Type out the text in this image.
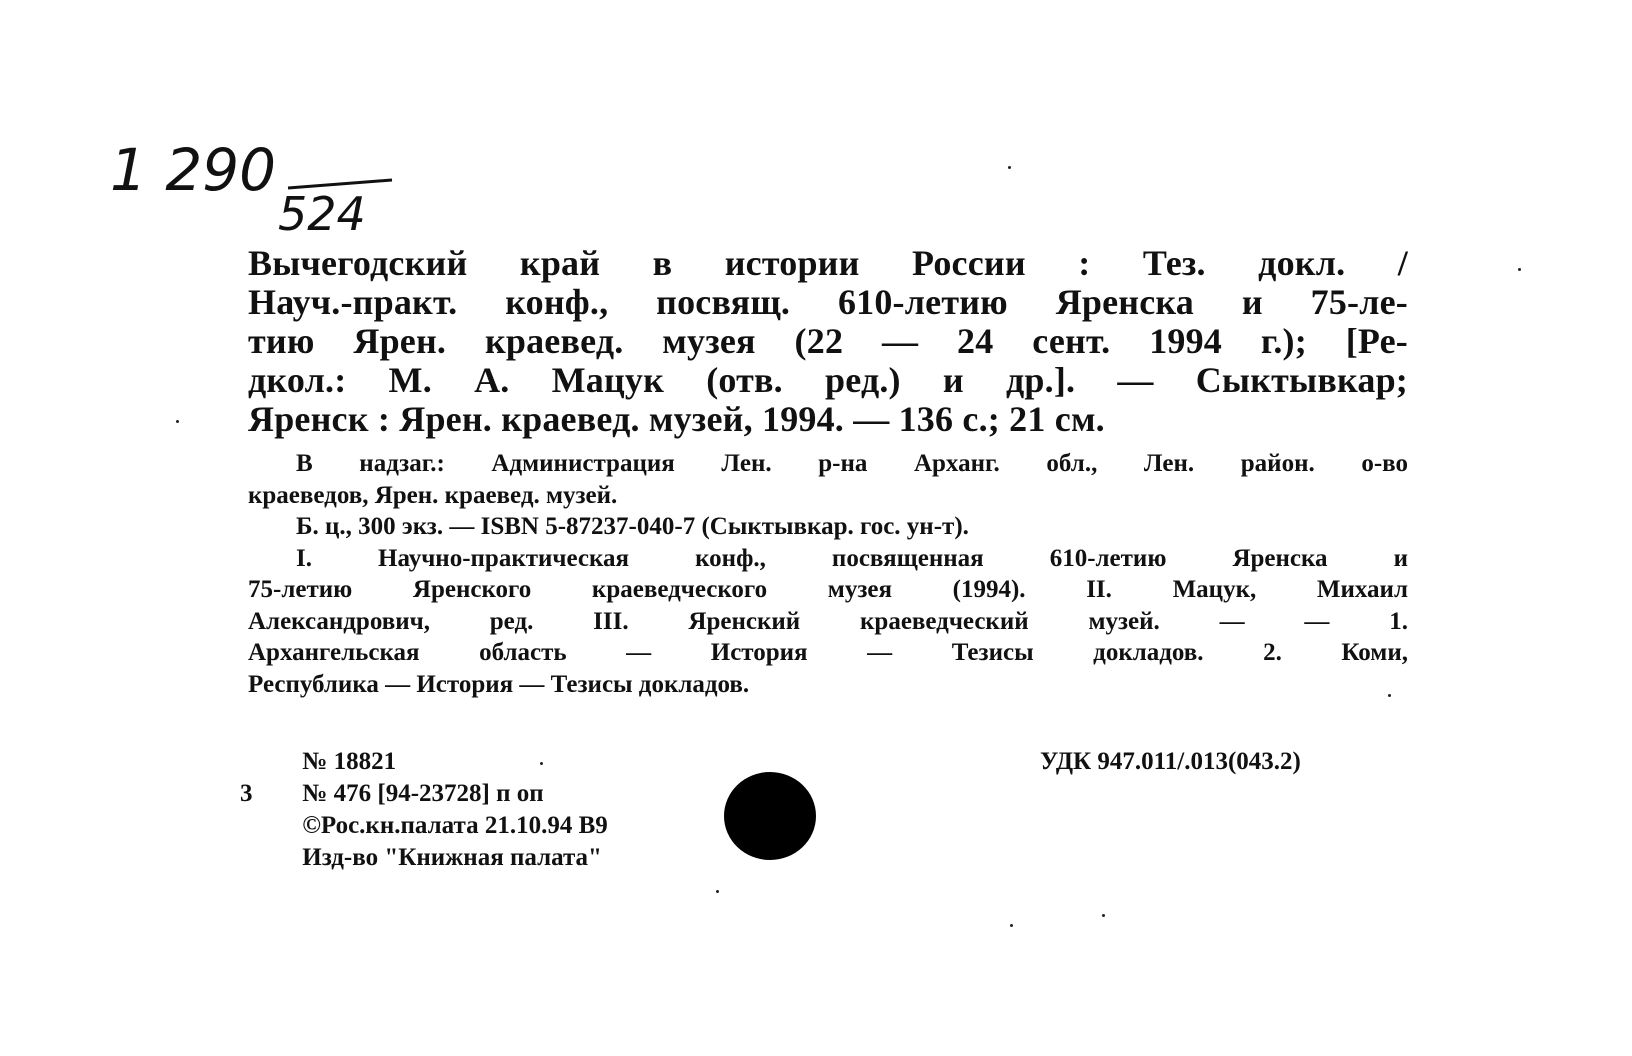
1 290
524
Вычегодский край в истории России : Тез. докл. /
Науч.-практ. конф., посвящ. 610-летию Яренска и 75-ле-
тию Ярен. краевед. музея (22 — 24 сент. 1994 г.); [Ре-
дкол.: М. А. Мацук (отв. ред.) и др.]. — Сыктывкар;
Яренск : Ярен. краевед. музей, 1994. — 136 с.; 21 см.
В надзаг.: Администрация Лен. р-на Арханг. обл., Лен. район. о-во
краеведов, Ярен. краевед. музей.
Б. ц., 300 экз. — ISBN 5-87237-040-7 (Сыктывкар. гос. ун-т).
I. Научно-практическая конф., посвященная 610-летию Яренска и
75-летию Яренского краеведческого музея (1994). II. Мацук, Михаил
Александрович, ред. III. Яренский краеведческий музей. — — 1.
Архангельская область — История — Тезисы докладов. 2. Коми,
Республика — История — Тезисы докладов.
№ 18821
3 № 476 [94-23728] п оп
©Рос.кн.палата 21.10.94 В9
Изд-во "Книжная палата"
УДК 947.011/.013(043.2)
